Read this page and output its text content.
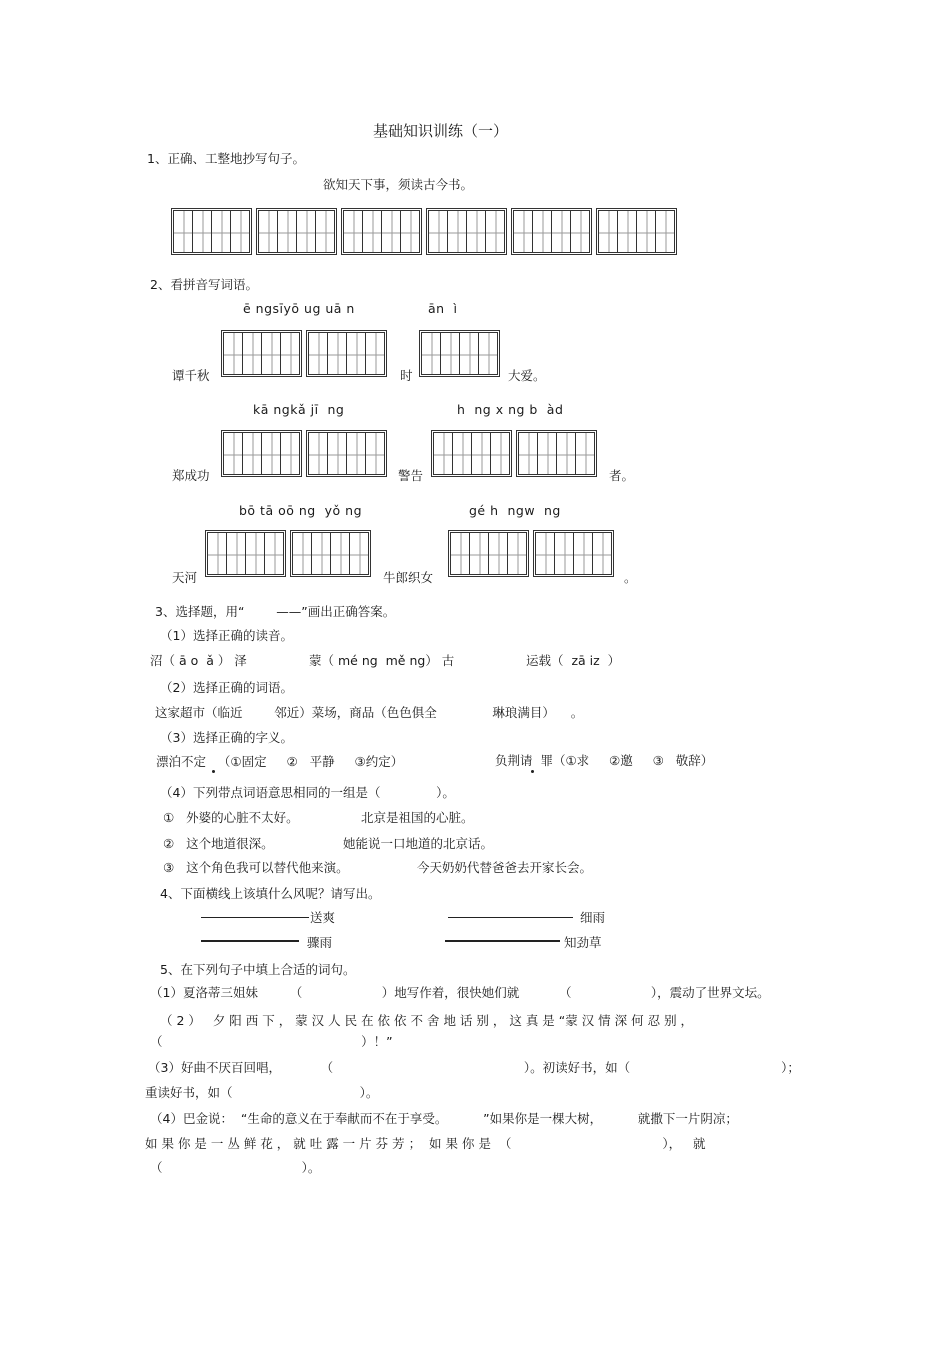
基础知识训练（一）
1、正确、工整地抄写句子。
欲知天下事，须读古今书。
2、看拼音写词语。
ē ngsīyō ug uā n	ān  ì
谭千秋	时	大爱。
kā ngkǎ jī  ng	h  ng x ng b  àd
郑成功	警告	者。
bō tā oō ng  yǒ ng	gé h  ngw  ng
天河	牛郎织女	。
3、选择题，用“        ——”画出正确答案。
（1）选择正确的读音。
沼（ ā o  ǎ ） 泽	蒙（ mé ng  mě ng） 古	运载（  zā iz  ）
（2）选择正确的词语。
这家超市（临近        邻近）菜场，商品（色色俱全              琳琅满目）    。
（3）选择正确的字义。
漂泊不定   （①固定     ②   平静     ③约定）	负荆请  罪（①求     ②邀     ③   敬辞）
（4）下列带点词语意思相同的一组是（              ）。
①   外婆的心脏不太好。	北京是祖国的心脏。
②   这个地道很深。	她能说一口地道的北京话。
③   这个角色我可以替代他来演。	今天奶奶代替爸爸去开家长会。
4、下面横线上该填什么风呢？请写出。
送爽	细雨
骤雨	知劲草
5、在下列句子中填上合适的词句。
（1）夏洛蒂三姐妹        （                    ）地写作着，很快她们就          （                    ），震动了世界文坛。
（ 2 ）   夕 阳 西 下 ， 蒙 汉 人 民 在 依 依 不 舍 地 话 别 ， 这 真 是 “蒙 汉 情 深 何 忍 别 ，
（                                                  ）！”
（3）好曲不厌百回唱，          （                                                ）。初读好书，如（                                      ）；
重读好书，如（                                ）。
（4）巴金说：  “生命的意义在于奉献而不在于享受。         ”如果你是一棵大树，         就撒下一片阴凉；
如 果 你 是 一 丛 鲜 花 ， 就 吐 露 一 片 芬 芳 ；  如 果 你 是  （                                      ），   就
（                                   ）。
